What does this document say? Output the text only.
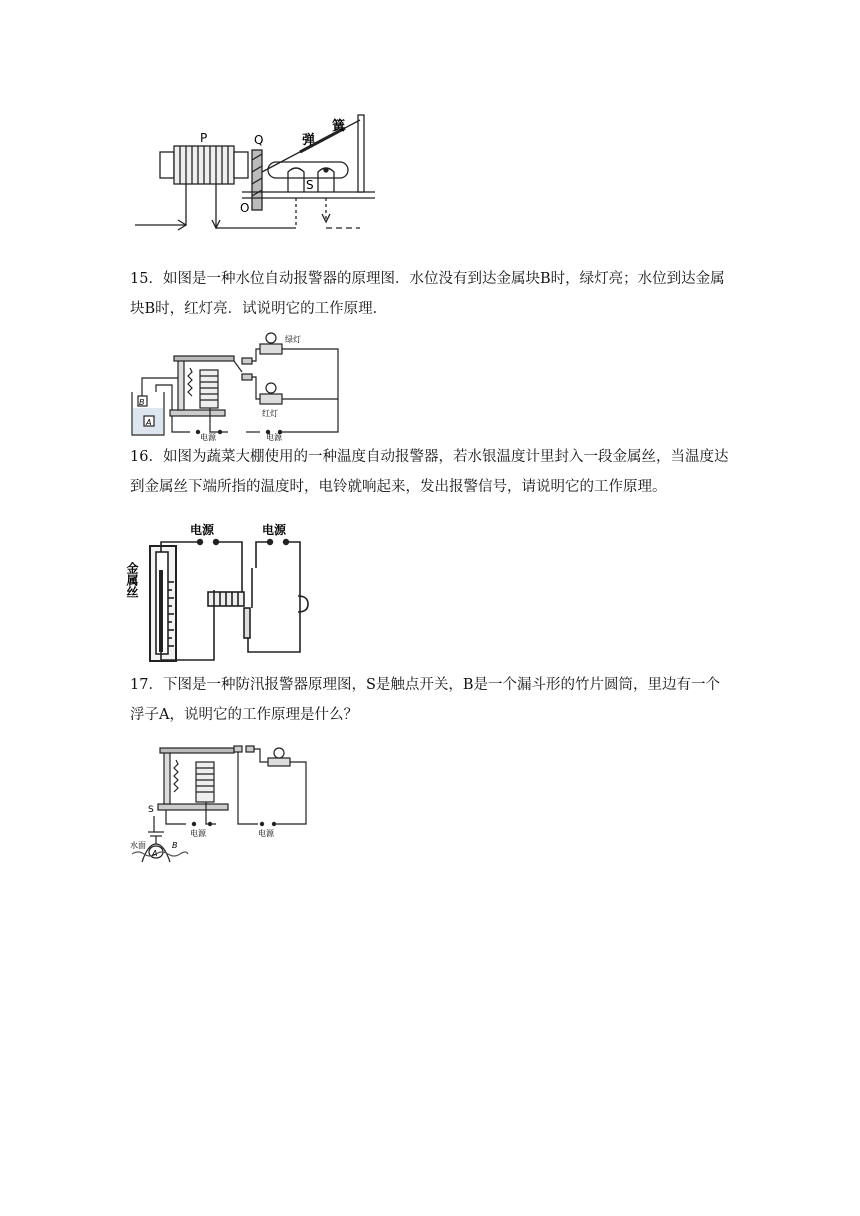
P	Q
O
S
弹
簧

15．如图是一种水位自动报警器的原理图．水位没有到达金属块B时，绿灯亮；水位到达金属块B时，红灯亮．试说明它的工作原理．

绿灯
红灯
B
A
电源	电源

16．如图为蔬菜大棚使用的一种温度自动报警器，若水银温度计里封入一段金属丝，当温度达到金属丝下端所指的温度时，电铃就响起来，发出报警信号，请说明它的工作原理。

电源	电源
金属丝

17．下图是一种防汛报警器原理图，S是触点开关，B是一个漏斗形的竹片圆筒，里边有一个浮子A，说明它的工作原理是什么？

S
水面
A
B
电源	电源
